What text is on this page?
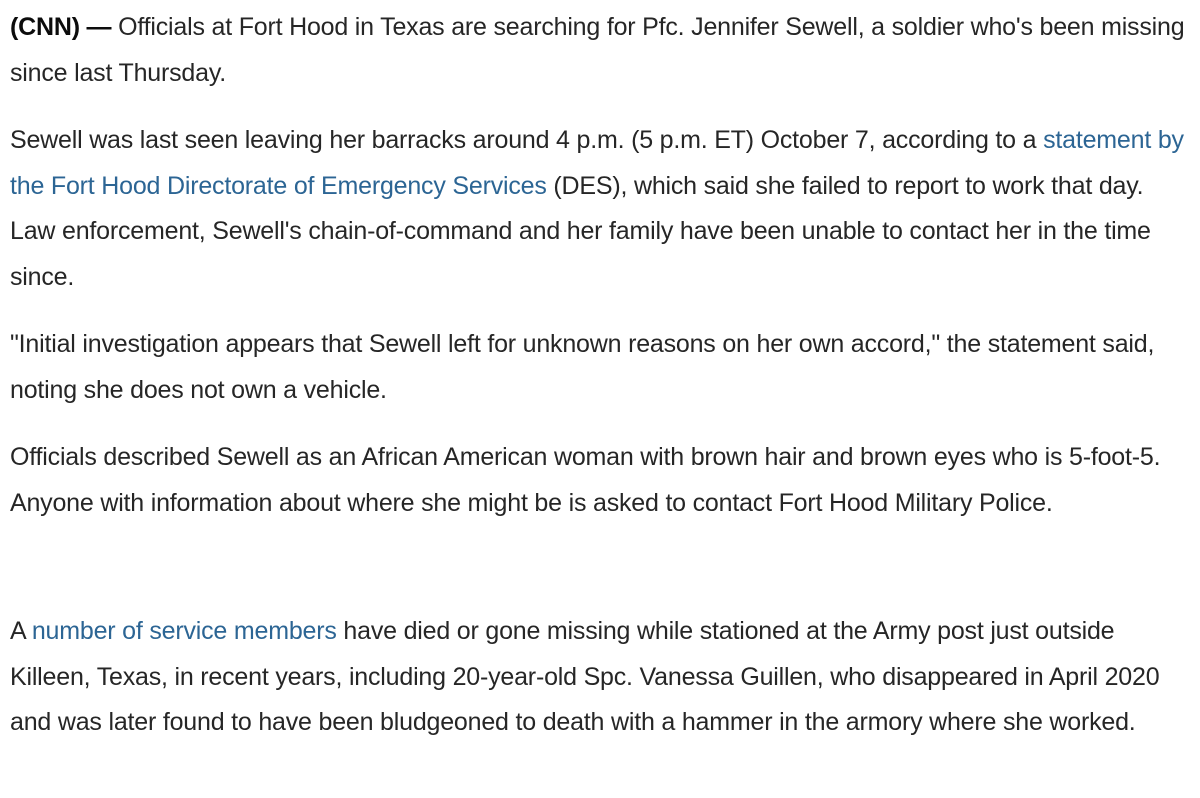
(CNN) — Officials at Fort Hood in Texas are searching for Pfc. Jennifer Sewell, a soldier who's been missing since last Thursday.

Sewell was last seen leaving her barracks around 4 p.m. (5 p.m. ET) October 7, according to a statement by the Fort Hood Directorate of Emergency Services (DES), which said she failed to report to work that day. Law enforcement, Sewell's chain-of-command and her family have been unable to contact her in the time since.

"Initial investigation appears that Sewell left for unknown reasons on her own accord," the statement said, noting she does not own a vehicle.

Officials described Sewell as an African American woman with brown hair and brown eyes who is 5-foot-5. Anyone with information about where she might be is asked to contact Fort Hood Military Police.

A number of service members have died or gone missing while stationed at the Army post just outside Killeen, Texas, in recent years, including 20-year-old Spc. Vanessa Guillen, who disappeared in April 2020 and was later found to have been bludgeoned to death with a hammer in the armory where she worked.
